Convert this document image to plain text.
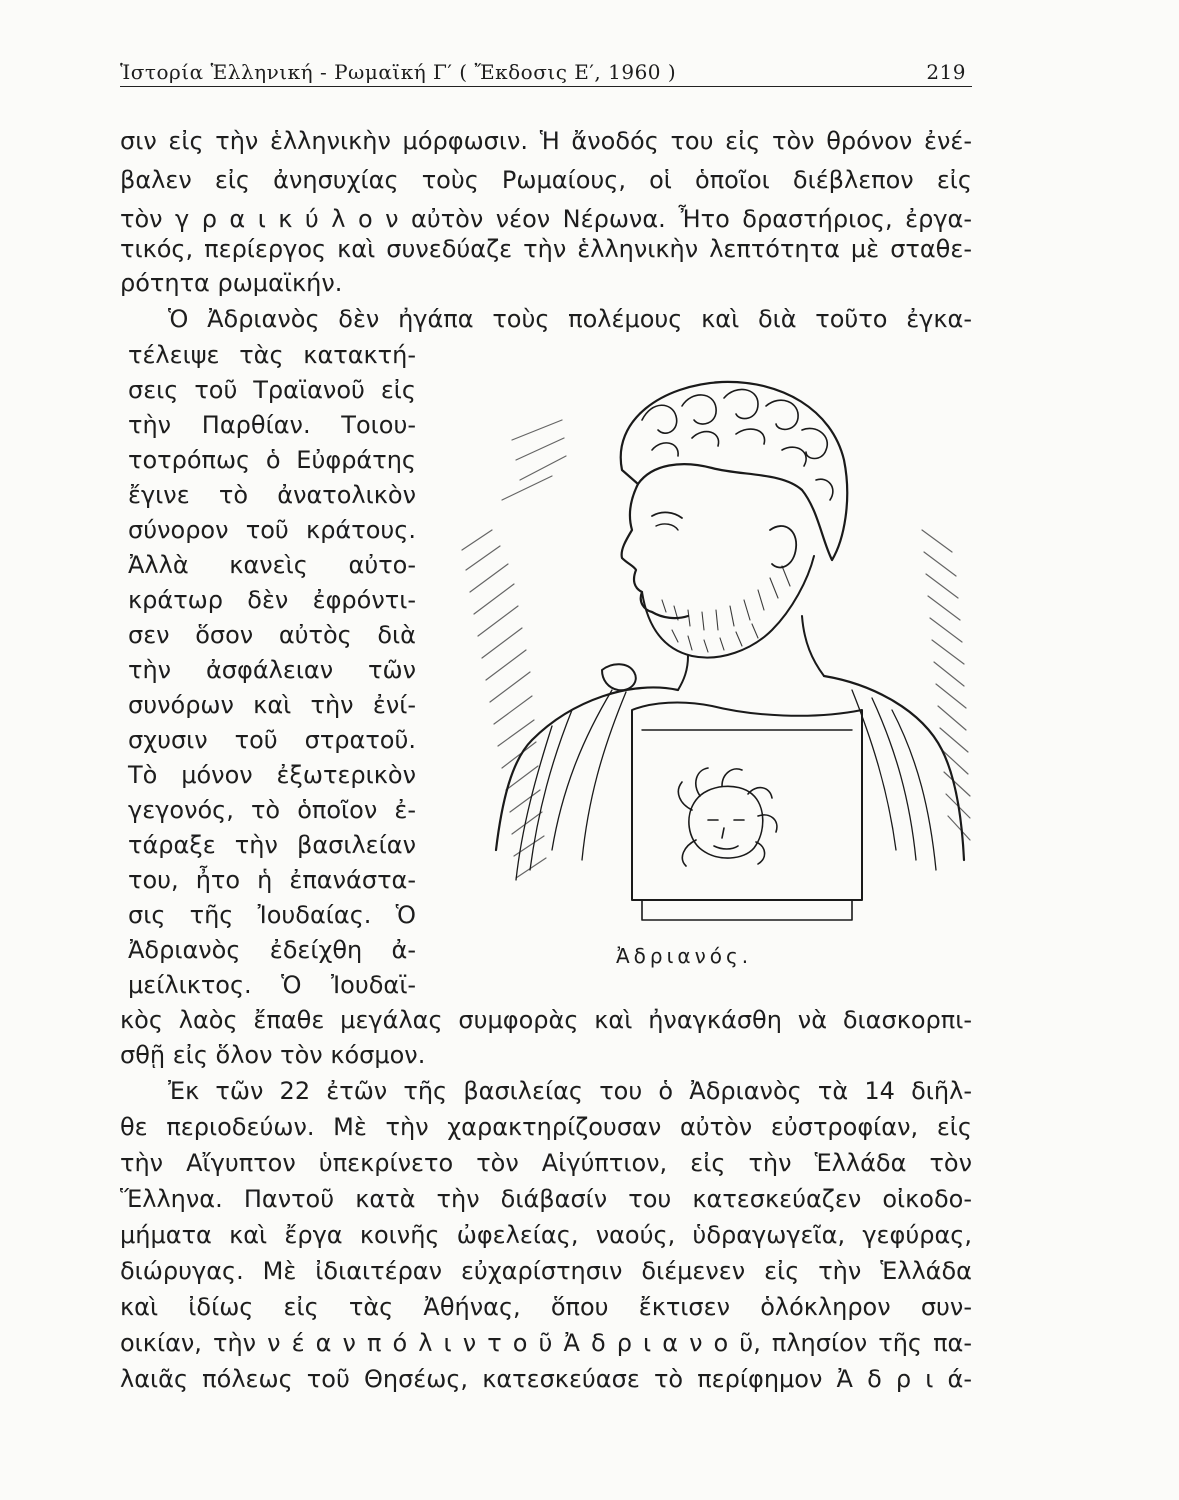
Ἱστορία Ἑλληνική - Ρωμαϊκή Γ′ ( Ἔκδοσις Ε′, 1960 )	219
σιν εἰς τὴν ἑλληνικὴν μόρφωσιν. Ἡ ἄνοδός του εἰς τὸν θρόνον ἐνέ-
βαλεν εἰς ἀνησυχίας τοὺς Ρωμαίους, οἱ ὁποῖοι διέβλεπον εἰς
τὸν γ ρ α ι κ ύ λ ο ν αὐτὸν νέον Νέρωνα. Ἦτο δραστήριος, ἐργα-
τικός, περίεργος καὶ συνεδύαζε τὴν ἑλληνικὴν λεπτότητα μὲ σταθε-
ρότητα ρωμαϊκήν.
Ὁ Ἀδριανὸς δὲν ἠγάπα τοὺς πολέμους καὶ διὰ τοῦτο ἐγκα-
τέλειψε τὰς κατακτή-
σεις τοῦ Τραϊανοῦ εἰς
τὴν Παρθίαν. Τοιου-
τοτρόπως ὁ Εὐφράτης
ἔγινε τὸ ἀνατολικὸν
σύνορον τοῦ κράτους.
Ἀλλὰ κανεὶς αὐτο-
κράτωρ δὲν ἐφρόντι-
σεν ὅσον αὐτὸς διὰ
τὴν ἀσφάλειαν τῶν
συνόρων καὶ τὴν ἐνί-
σχυσιν τοῦ στρατοῦ.
Τὸ μόνον ἐξωτερικὸν
γεγονός, τὸ ὁποῖον ἐ-
τάραξε τὴν βασιλείαν
του, ἦτο ἡ ἐπανάστα-
σις τῆς Ἰουδαίας. Ὁ
Ἀδριανὸς ἐδείχθη ἀ-
μείλικτος. Ὁ Ἰουδαϊ-
κὸς λαὸς ἔπαθε μεγάλας συμφορὰς καὶ ἠναγκάσθη νὰ διασκορπι-
σθῇ εἰς ὅλον τὸν κόσμον.
Ἐκ τῶν 22 ἐτῶν τῆς βασιλείας του ὁ Ἀδριανὸς τὰ 14 διῆλ-
θε περιοδεύων. Μὲ τὴν χαρακτηρίζουσαν αὐτὸν εὐστροφίαν, εἰς
τὴν Αἴγυπτον ὑπεκρίνετο τὸν Αἰγύπτιον, εἰς τὴν Ἑλλάδα τὸν
Ἕλληνα. Παντοῦ κατὰ τὴν διάβασίν του κατεσκεύαζεν οἰκοδο-
μήματα καὶ ἔργα κοινῆς ὠφελείας, ναούς, ὑδραγωγεῖα, γεφύρας,
διώρυγας. Μὲ ἰδιαιτέραν εὐχαρίστησιν διέμενεν εἰς τὴν Ἑλλάδα
καὶ ἰδίως εἰς τὰς Ἀθήνας, ὅπου ἔκτισεν ὁλόκληρον συν-
οικίαν, τὴν ν έ α ν π ό λ ι ν τ ο ῦ Ἀ δ ρ ι α ν ο ῦ, πλησίον τῆς πα-
λαιᾶς πόλεως τοῦ Θησέως, κατεσκεύασε τὸ περίφημον Ἀ δ ρ ι ά-
Ἀδριανός.
